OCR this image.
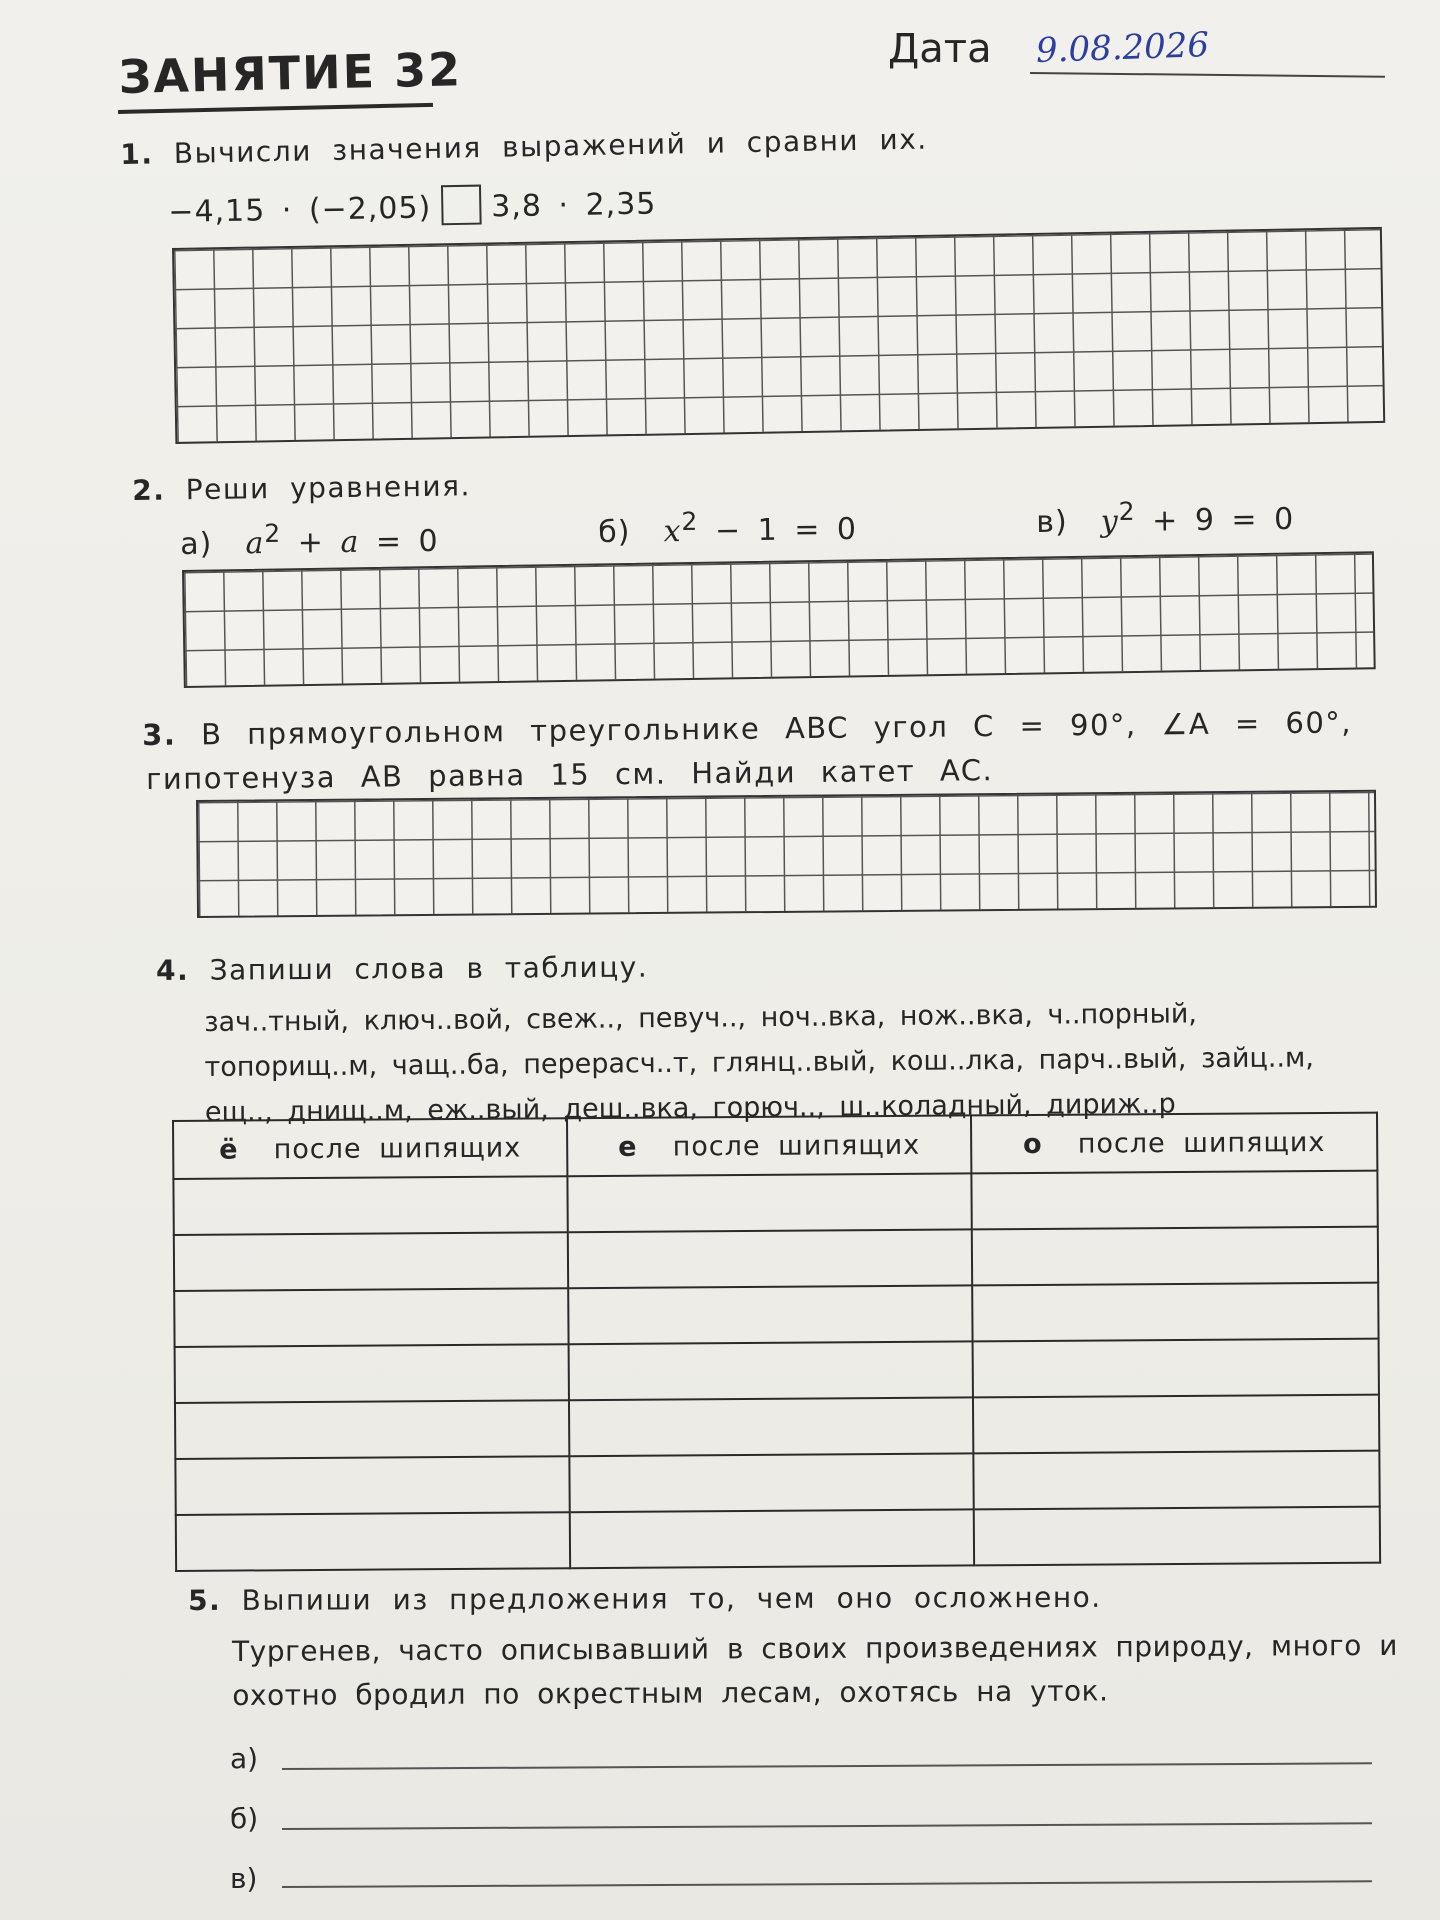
ЗАНЯТИЕ 32	Дата 9.08.2026
1. Вычисли значения выражений и сравни их.
−4,15 · (−2,05) 3,8 · 2,35
2. Реши уравнения.
а) $a^2 + a = 0$	б) $x^2 - 1 = 0$	в) $y^2 + 9 = 0$
3. В прямоугольном треугольнике ABC угол C = 90°, ∠A = 60°,
гипотенуза AB равна 15 см. Найди катет AC.
4. Запиши слова в таблицу.
зач..тный, ключ..вой, свеж.., певуч.., ноч..вка, нож..вка, ч..порный,
топорищ..м, чащ..ба, перерасч..т, глянц..вый, кош..лка, парч..вый, зайц..м,
ещ.., днищ..м, еж..вый, деш..вка, горюч.., ш..коладный, дириж..р
ё после шипящих	е после шипящих	о после шипящих

5. Выпиши из предложения то, чем оно осложнено.
Тургенев, часто описывавший в своих произведениях природу, много и
охотно бродил по окрестным лесам, охотясь на уток.
а)
б)
в)
